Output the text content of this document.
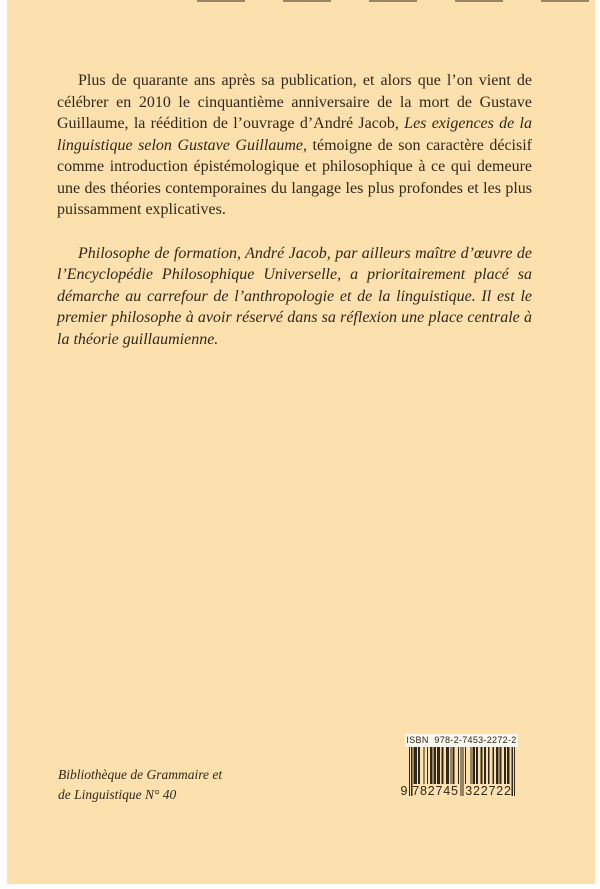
Plus de quarante ans après sa publication, et alors que l’on vient de célébrer en 2010 le cinquantième anniversaire de la mort de Gustave Guillaume, la réédition de l’ouvrage d’André Jacob, Les exigences de la linguistique selon Gustave Guillaume, témoigne de son caractère décisif comme introduction épistémologique et philosophique à ce qui demeure une des théories contemporaines du langage les plus profondes et les plus puissamment explicatives.

Philosophe de formation, André Jacob, par ailleurs maître d’œuvre de l’Encyclopédie Philosophique Universelle, a prioritairement placé sa démarche au carrefour de l’anthropologie et de la linguistique. Il est le premier philosophe à avoir réservé dans sa réflexion une place centrale à la théorie guillaumienne.

Bibliothèque de Grammaire et
de Linguistique N° 40
ISBN 978-2-7453-2272-2
9 782745 322722
